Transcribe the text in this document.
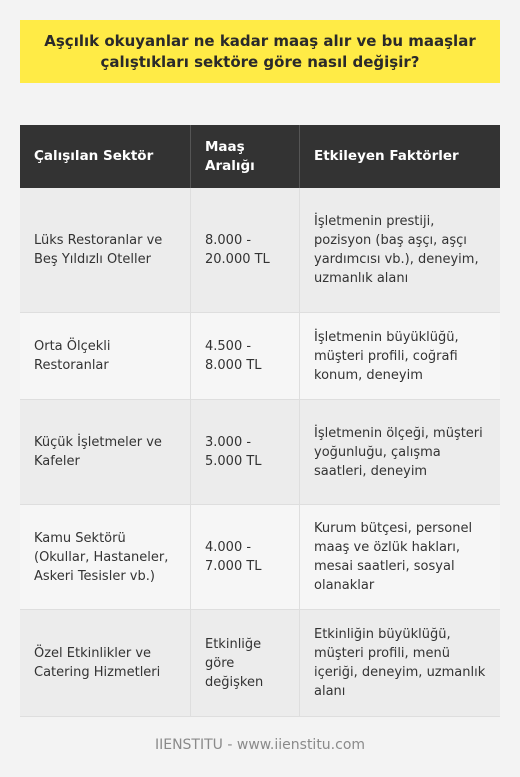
Aşçılık okuyanlar ne kadar maaş alır ve bu maaşlar çalıştıkları sektöre göre nasıl değişir?
Çalışılan Sektör
Maaş Aralığı
Etkileyen Faktörler
Lüks Restoranlar ve Beş Yıldızlı Oteller
8.000 - 20.000 TL
İşletmenin prestiji, pozisyon (baş aşçı, aşçı yardımcısı vb.), deneyim, uzmanlık alanı
Orta Ölçekli Restoranlar
4.500 - 8.000 TL
İşletmenin büyüklüğü, müşteri profili, coğrafi konum, deneyim
Küçük İşletmeler ve Kafeler
3.000 - 5.000 TL
İşletmenin ölçeği, müşteri yoğunluğu, çalışma saatleri, deneyim
Kamu Sektörü (Okullar, Hastaneler, Askeri Tesisler vb.)
4.000 - 7.000 TL
Kurum bütçesi, personel maaş ve özlük hakları, mesai saatleri, sosyal olanaklar
Özel Etkinlikler ve Catering Hizmetleri
Etkinliğe göre değişken
Etkinliğin büyüklüğü, müşteri profili, menü içeriği, deneyim, uzmanlık alanı
IIENSTITU - www.iienstitu.com
